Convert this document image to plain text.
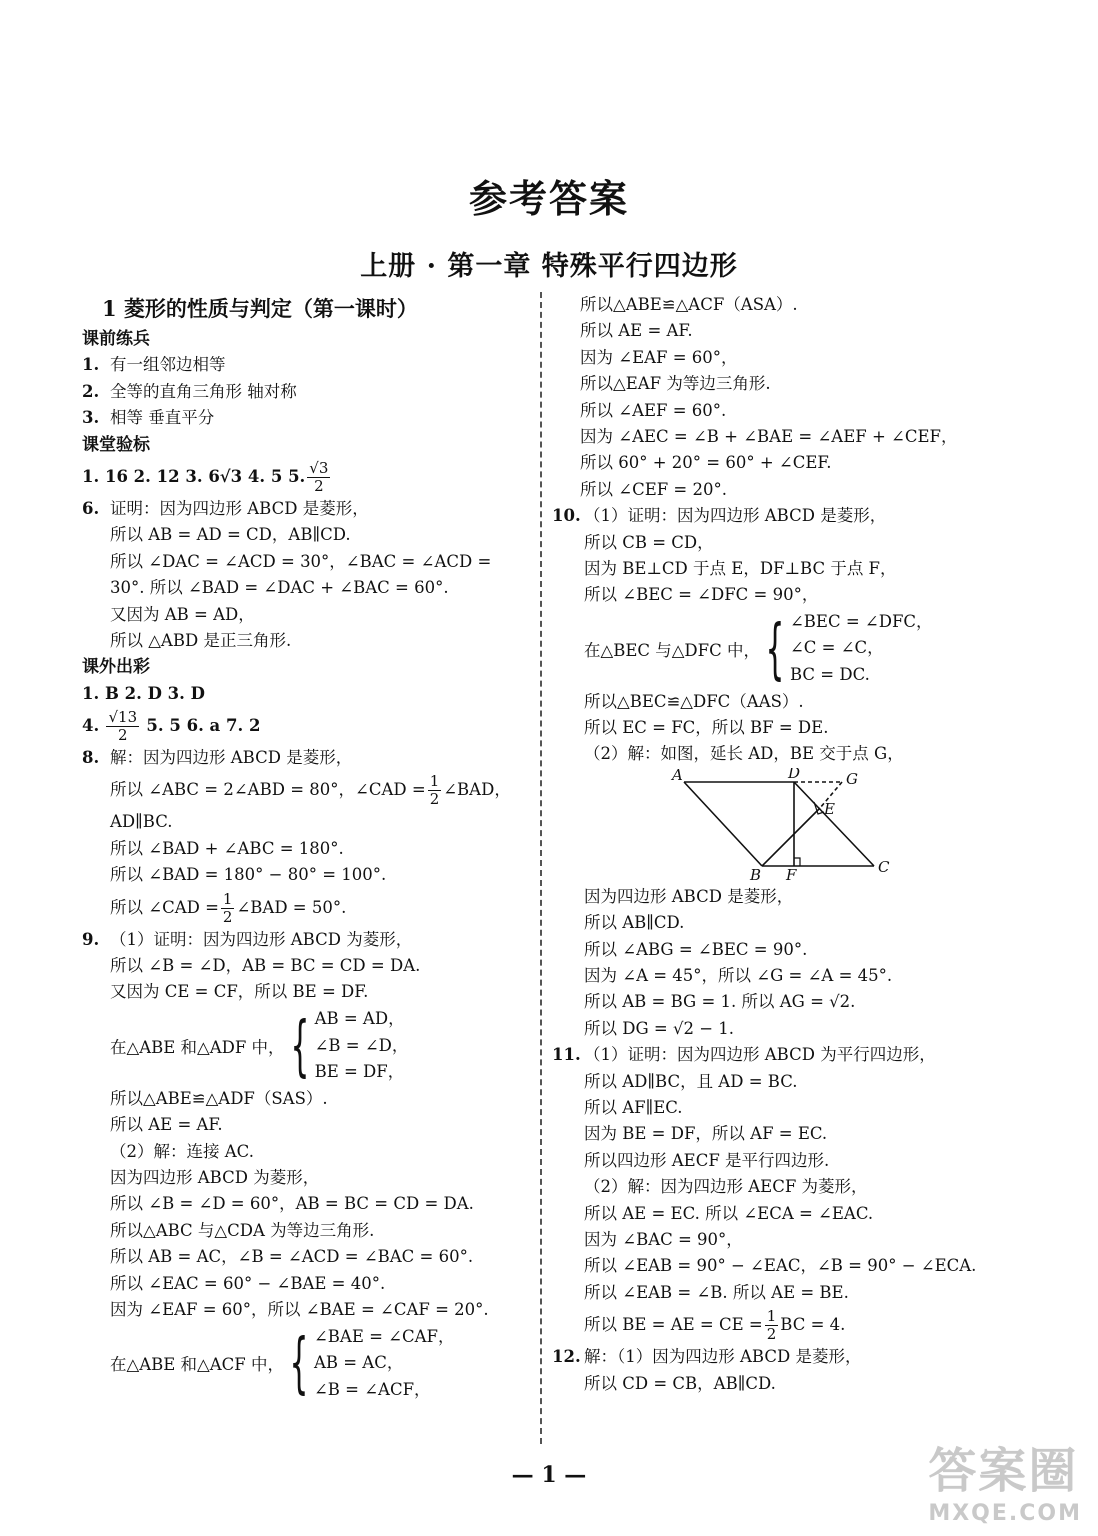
参考答案
上册 · 第一章 特殊平行四边形
1 菱形的性质与判定（第一课时）
课前练兵
1. 有一组邻边相等
2. 全等的直角三角形 轴对称
3. 相等 垂直平分
课堂验标
1. 16 2. 12 3. 6√3 4. 5 5. $\frac{√3}{2}$
6. 证明：因为四边形 ABCD 是菱形，
所以 AB = AD = CD，AB∥CD.
所以 ∠DAC = ∠ACD = 30°，∠BAC = ∠ACD =
30°. 所以 ∠BAD = ∠DAC + ∠BAC = 60°.
又因为 AB = AD，
所以 △ABD 是正三角形.
课外出彩
1. B 2. D 3. D
4. $\frac{√13}{2} 5$. 5 6. a 7. 2
8. 解：因为四边形 ABCD 是菱形，
所以 ∠ABC = 2∠ABD = 80°，∠CAD = $\frac{1}{2}$ ∠BAD，
AD∥BC.
所以 ∠BAD + ∠ABC = 180°.
所以 ∠BAD = 180° − 80° = 100°.
所以 ∠CAD = $\frac{1}{2}$ ∠BAD = 50°.
9. （1）证明：因为四边形 ABCD 为菱形，
所以 ∠B = ∠D，AB = BC = CD = DA.
又因为 CE = CF，所以 BE = DF.
在△ABE 和△ADF 中， { AB = AD，
∠B = ∠D，
BE = DF，
所以△ABE≌△ADF（SAS）.
所以 AE = AF.
（2）解：连接 AC.
因为四边形 ABCD 为菱形，
所以 ∠B = ∠D = 60°，AB = BC = CD = DA.
所以△ABC 与△CDA 为等边三角形.
所以 AB = AC，∠B = ∠ACD = ∠BAC = 60°.
所以 ∠EAC = 60° − ∠BAE = 40°.
因为 ∠EAF = 60°，所以 ∠BAE = ∠CAF = 20°.
在△ABE 和△ACF 中， { ∠BAE = ∠CAF，
AB = AC，
∠B = ∠ACF，
所以△ABE≌△ACF（ASA）.
所以 AE = AF.
因为 ∠EAF = 60°，
所以△EAF 为等边三角形.
所以 ∠AEF = 60°.
因为 ∠AEC = ∠B + ∠BAE = ∠AEF + ∠CEF，
所以 60° + 20° = 60° + ∠CEF.
所以 ∠CEF = 20°.
10. （1）证明：因为四边形 ABCD 是菱形，
所以 CB = CD，
因为 BE⊥CD 于点 E，DF⊥BC 于点 F，
所以 ∠BEC = ∠DFC = 90°，
在△BEC 与△DFC 中， { ∠BEC = ∠DFC，
∠C = ∠C，
BC = DC.
所以△BEC≌△DFC（AAS）.
所以 EC = FC，所以 BF = DE.
（2）解：如图，延长 AD，BE 交于点 G，
A	D	G
E
B F	C
因为四边形 ABCD 是菱形，
所以 AB∥CD.
所以 ∠ABG = ∠BEC = 90°.
因为 ∠A = 45°，所以 ∠G = ∠A = 45°.
所以 AB = BG = 1. 所以 AG = √2.
所以 DG = √2 − 1.
11. （1）证明：因为四边形 ABCD 为平行四边形，
所以 AD∥BC，且 AD = BC.
所以 AF∥EC.
因为 BE = DF，所以 AF = EC.
所以四边形 AECF 是平行四边形.
（2）解：因为四边形 AECF 为菱形，
所以 AE = EC. 所以 ∠ECA = ∠EAC.
因为 ∠BAC = 90°，
所以 ∠EAB = 90° − ∠EAC，∠B = 90° − ∠ECA.
所以 ∠EAB = ∠B. 所以 AE = BE.
所以 BE = AE = CE = $\frac{1}{2}$ BC = 4.
12. 解：（1）因为四边形 ABCD 是菱形，
所以 CD = CB，AB∥CD.
— 1 —	答案圈
MXQE.COM
